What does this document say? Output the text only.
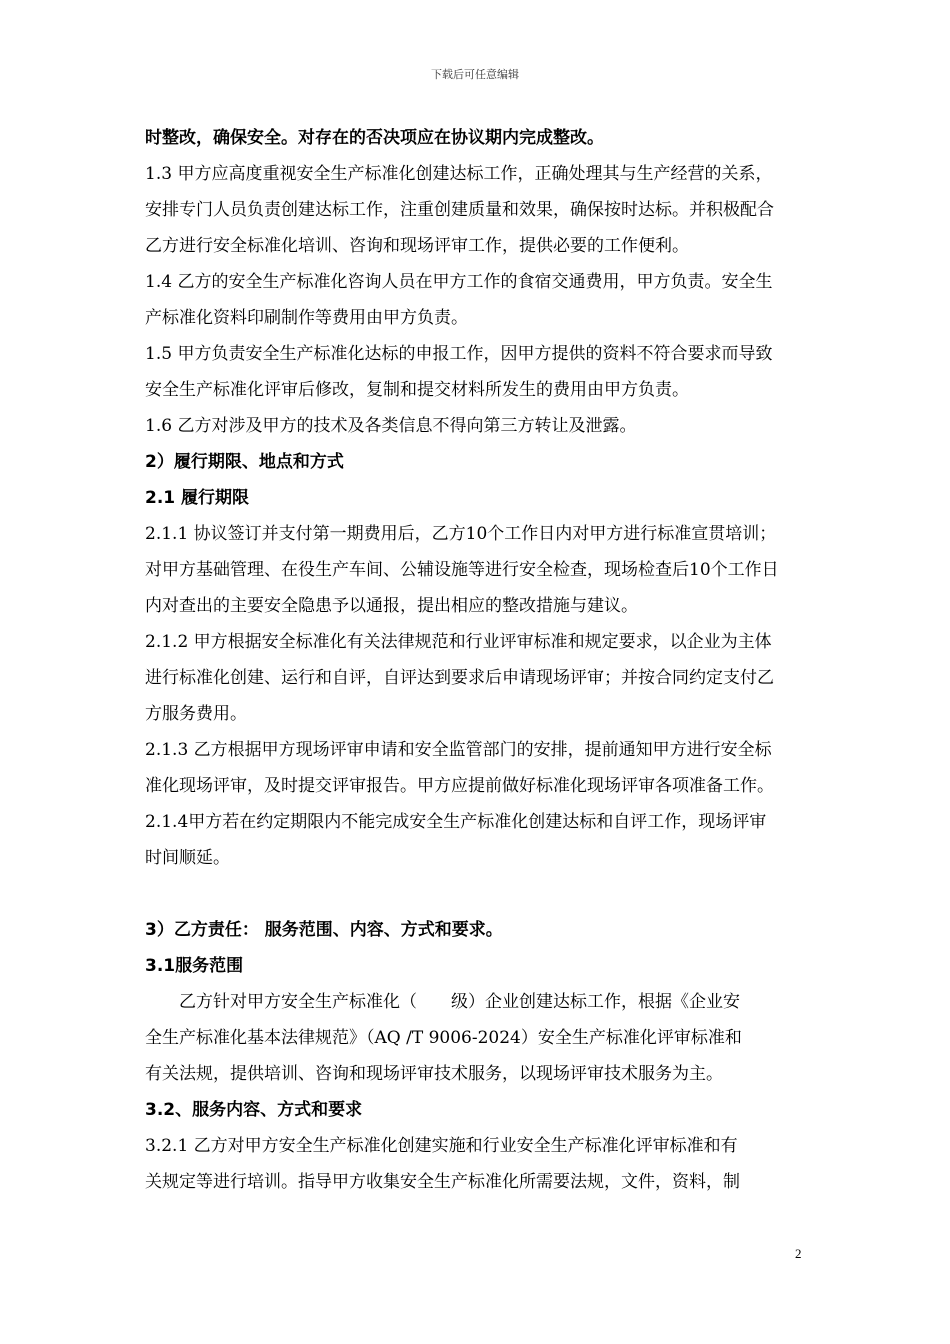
下载后可任意编辑
时整改，确保安全。对存在的否决项应在协议期内完成整改。
1.3 甲方应高度重视安全生产标准化创建达标工作，正确处理其与生产经营的关系，
安排专门人员负责创建达标工作，注重创建质量和效果，确保按时达标。并积极配合
乙方进行安全标准化培训、咨询和现场评审工作，提供必要的工作便利。
1.4 乙方的安全生产标准化咨询人员在甲方工作的食宿交通费用，甲方负责。安全生
产标准化资料印刷制作等费用由甲方负责。
1.5 甲方负责安全生产标准化达标的申报工作，因甲方提供的资料不符合要求而导致
安全生产标准化评审后修改，复制和提交材料所发生的费用由甲方负责。
1.6 乙方对涉及甲方的技术及各类信息不得向第三方转让及泄露。
2）履行期限、地点和方式
2.1 履行期限
2.1.1 协议签订并支付第一期费用后，乙方10个工作日内对甲方进行标准宣贯培训；
对甲方基础管理、在役生产车间、公辅设施等进行安全检查，现场检查后10个工作日
内对查出的主要安全隐患予以通报，提出相应的整改措施与建议。
2.1.2 甲方根据安全标准化有关法律规范和行业评审标准和规定要求，以企业为主体
进行标准化创建、运行和自评，自评达到要求后申请现场评审；并按合同约定支付乙
方服务费用。
2.1.3 乙方根据甲方现场评审申请和安全监管部门的安排，提前通知甲方进行安全标
准化现场评审，及时提交评审报告。甲方应提前做好标准化现场评审各项准备工作。
2.1.4甲方若在约定期限内不能完成安全生产标准化创建达标和自评工作，现场评审
时间顺延。
3）乙方责任： 服务范围、内容、方式和要求。
3.1服务范围
　　乙方针对甲方安全生产标准化（　　级）企业创建达标工作，根据《企业安
全生产标准化基本法律规范》（AQ /T 9006-2024）安全生产标准化评审标准和
有关法规，提供培训、咨询和现场评审技术服务，以现场评审技术服务为主。
3.2、服务内容、方式和要求
3.2.1 乙方对甲方安全生产标准化创建实施和行业安全生产标准化评审标准和有
关规定等进行培训。指导甲方收集安全生产标准化所需要法规，文件，资料，制
2
